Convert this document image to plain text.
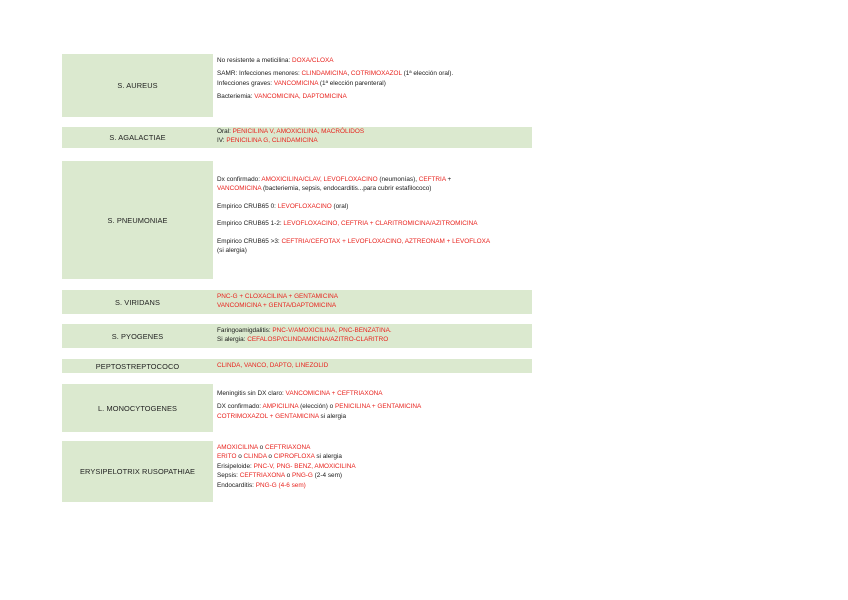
S. AUREUS
No resistente a meticilina: DOXA/CLOXA
SAMR: Infecciones menores: CLINDAMICINA, COTRIMOXAZOL (1ª elección oral).
Infecciones graves: VANCOMICINA (1ª elección parenteral)
Bacteriemia: VANCOMICINA, DAPTOMICINA
S. AGALACTIAE
Oral: PENICILINA V, AMOXICILINA, MACRÓLIDOS
IV: PENICILINA G, CLINDAMICINA
S. PNEUMONIAE
Dx confirmado: AMOXICILINA/CLAV, LEVOFLOXACINO (neumonías), CEFTRIA +
VANCOMICINA (bacteriemia, sepsis, endocarditis...para cubrir estafilococo)
Empirico CRUB65 0: LEVOFLOXACINO (oral)
Empirico CRUB65 1-2: LEVOFLOXACINO, CEFTRIA + CLARITROMICINA/AZITROMICINA
Empirico CRUB65 >3: CEFTRIA/CEFOTAX + LEVOFLOXACINO, AZTREONAM + LEVOFLOXA
(si alergia)
S. VIRIDANS
PNC-G + CLOXACILINA + GENTAMICINA
VANCOMICINA + GENTA/DAPTOMICINA
S. PYOGENES
Faringoamigdalitis: PNC-V/AMOXICILINA, PNC-BENZATINA.
Si alergia: CEFALOSP/CLINDAMICINA/AZITRO-CLARITRO
PEPTOSTREPTOCOCO	CLINDA, VANCO, DAPTO, LINEZOLID
L. MONOCYTOGENES
Meningitis sin DX claro: VANCOMICINA + CEFTRIAXONA
DX confirmado: AMPICILINA (elección) o PENICILINA + GENTAMICINA
COTRIMOXAZOL + GENTAMICINA si alergia
ERYSIPELOTRIX RUSOPATHIAE
AMOXICILINA o CEFTRIAXONA
ERITO o CLINDA o CIPROFLOXA si alergia
Erisipeloide: PNC-V, PNG- BENZ, AMOXICILINA
Sepsis: CEFTRIAXONA o PNG-G (2-4 sem)
Endocarditis: PNG-G (4-6 sem)
